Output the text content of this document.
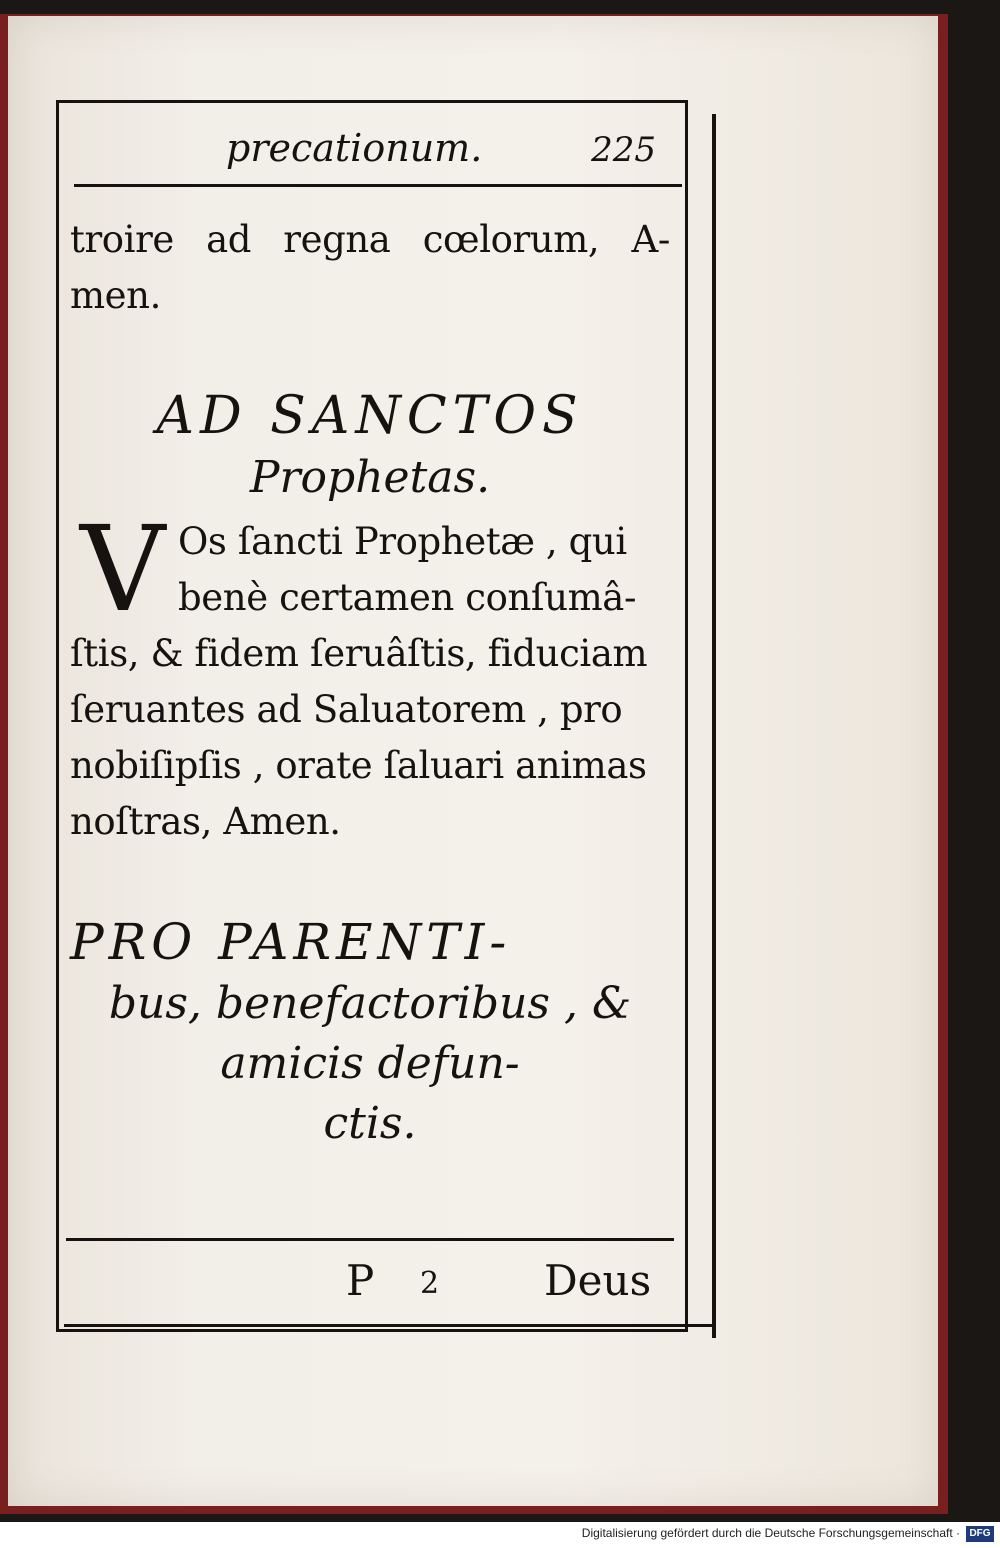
precationum.	225
troire ad regna cœlorum, A-
men.
AD SANCTOS
Prophetas.
V Os ſancti Prophetæ , qui
benè certamen conſumâ-
ſtis, & fidem ſeruâſtis, fiduciam
ſeruantes ad Saluatorem , pro
nobiſipſis , orate ſaluari animas
noſtras, Amen.
PRO PARENTI-
bus, benefactoribus , &
amicis defun-
ctis.
P 2 Deus
Digitalisierung gefördert durch die Deutsche Forschungsgemeinschaft · DFG
